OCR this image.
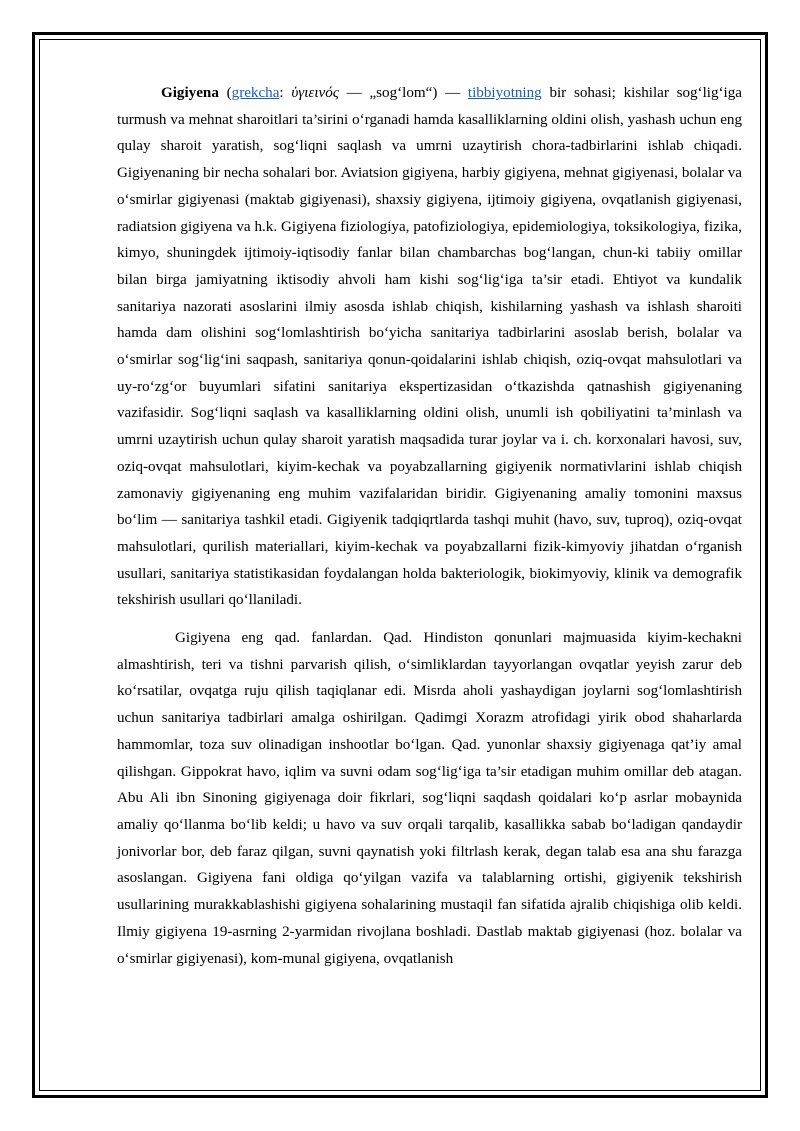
Gigiyena (grekcha: ὑγιεινός — „sog‘lom“) — tibbiyotning bir sohasi; kishilar sog‘lig‘iga turmush va mehnat sharoitlari ta’sirini o‘rganadi hamda kasalliklarning oldini olish, yashash uchun eng qulay sharoit yaratish, sog‘liqni saqlash va umrni uzaytirish chora-tadbirlarini ishlab chiqadi. Gigiyenaning bir necha sohalari bor. Aviatsion gigiyena, harbiy gigiyena, mehnat gigiyenasi, bolalar va o‘smirlar gigiyenasi (maktab gigiyenasi), shaxsiy gigiyena, ijtimoiy gigiyena, ovqatlanish gigiyenasi, radiatsion gigiyena va h.k. Gigiyena fiziologiya, patofiziologiya, epidemiologiya, toksikologiya, fizika, kimyo, shuningdek ijtimoiy-iqtisodiy fanlar bilan chambarchas bog‘langan, chun-ki tabiiy omillar bilan birga jamiyatning iktisodiy ahvoli ham kishi sog‘lig‘iga ta’sir etadi. Ehtiyot va kundalik sanitariya nazorati asoslarini ilmiy asosda ishlab chiqish, kishilarning yashash va ishlash sharoiti hamda dam olishini sog‘lomlashtirish bo‘yicha sanitariya tadbirlarini asoslab berish, bolalar va o‘smirlar sog‘lig‘ini saqpash, sanitariya qonun-qoidalarini ishlab chiqish, oziq-ovqat mahsulotlari va uy-ro‘zg‘or buyumlari sifatini sanitariya ekspertizasidan o‘tkazishda qatnashish gigiyenaning vazifasidir. Sog‘liqni saqlash va kasalliklarning oldini olish, unumli ish qobiliyatini ta’minlash va umrni uzaytirish uchun qulay sharoit yaratish maqsadida turar joylar va i. ch. korxonalari havosi, suv, oziq-ovqat mahsulotlari, kiyim-kechak va poyabzallarning gigiyenik normativlarini ishlab chiqish zamonaviy gigiyenaning eng muhim vazifalaridan biridir. Gigiyenaning amaliy tomonini maxsus bo‘lim — sanitariya tashkil etadi. Gigiyenik tadqiqrtlarda tashqi muhit (havo, suv, tuproq), oziq-ovqat mahsulotlari, qurilish materiallari, kiyim-kechak va poyabzallarni fizik-kimyoviy jihatdan o‘rganish usullari, sanitariya statistikasidan foydalangan holda bakteriologik, biokimyoviy, klinik va demografik tekshirish usullari qo‘llaniladi.

Gigiyena eng qad. fanlardan. Qad. Hindiston qonunlari majmuasida kiyim-kechakni almashtirish, teri va tishni parvarish qilish, o‘simliklardan tayyorlangan ovqatlar yeyish zarur deb ko‘rsatilar, ovqatga ruju qilish taqiqlanar edi. Misrda aholi yashaydigan joylarni sog‘lomlashtirish uchun sanitariya tadbirlari amalga oshirilgan. Qadimgi Xorazm atrofidagi yirik obod shaharlarda hammomlar, toza suv olinadigan inshootlar bo‘lgan. Qad. yunonlar shaxsiy gigiyenaga qat’iy amal qilishgan. Gippokrat havo, iqlim va suvni odam sog‘lig‘iga ta’sir etadigan muhim omillar deb atagan. Abu Ali ibn Sinoning gigiyenaga doir fikrlari, sog‘liqni saqdash qoidalari ko‘p asrlar mobaynida amaliy qo‘llanma bo‘lib keldi; u havo va suv orqali tarqalib, kasallikka sabab bo‘ladigan qandaydir jonivorlar bor, deb faraz qilgan, suvni qaynatish yoki filtrlash kerak, degan talab esa ana shu farazga asoslangan. Gigiyena fani oldiga qo‘yilgan vazifa va talablarning ortishi, gigiyenik tekshirish usullarining murakkablashishi gigiyena sohalarining mustaqil fan sifatida ajralib chiqishiga olib keldi. Ilmiy gigiyena 19-asrning 2-yarmidan rivojlana boshladi. Dastlab maktab gigiyenasi (hoz. bolalar va o‘smirlar gigiyenasi), kom-munal gigiyena, ovqatlanish
